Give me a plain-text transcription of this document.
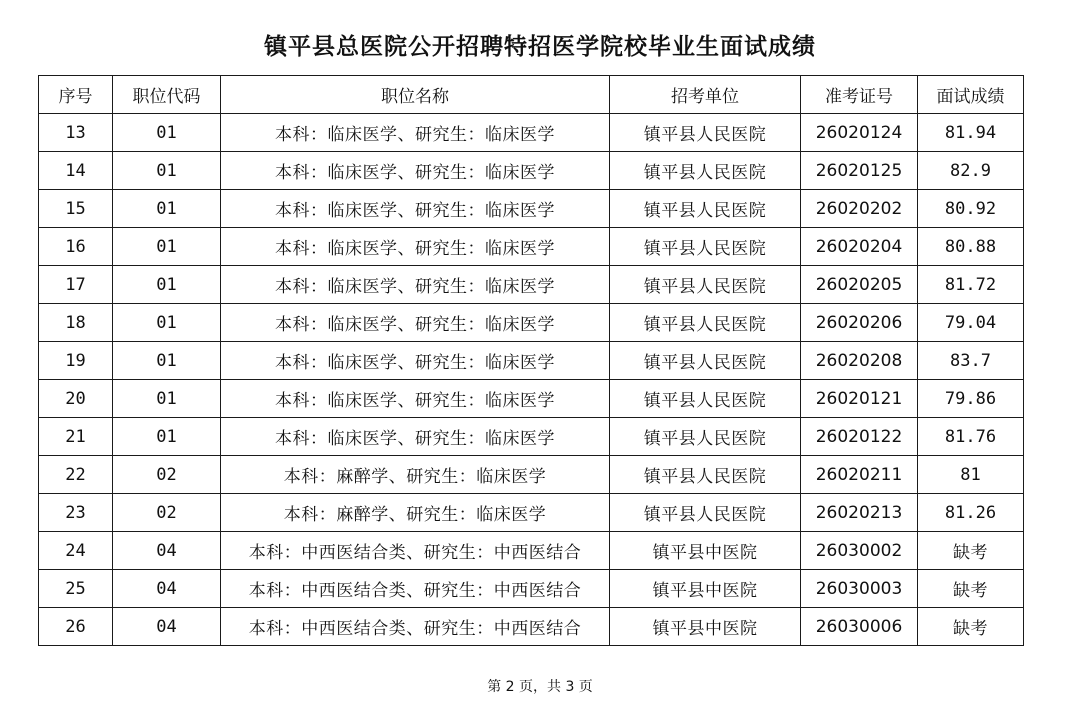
镇平县总医院公开招聘特招医学院校毕业生面试成绩
序号	职位代码	职位名称	招考单位	准考证号	面试成绩
13	01	本科：临床医学、研究生：临床医学	镇平县人民医院	26020124	81.94
14	01	本科：临床医学、研究生：临床医学	镇平县人民医院	26020125	82.9
15	01	本科：临床医学、研究生：临床医学	镇平县人民医院	26020202	80.92
16	01	本科：临床医学、研究生：临床医学	镇平县人民医院	26020204	80.88
17	01	本科：临床医学、研究生：临床医学	镇平县人民医院	26020205	81.72
18	01	本科：临床医学、研究生：临床医学	镇平县人民医院	26020206	79.04
19	01	本科：临床医学、研究生：临床医学	镇平县人民医院	26020208	83.7
20	01	本科：临床医学、研究生：临床医学	镇平县人民医院	26020121	79.86
21	01	本科：临床医学、研究生：临床医学	镇平县人民医院	26020122	81.76
22	02	本科：麻醉学、研究生：临床医学	镇平县人民医院	26020211	81
23	02	本科：麻醉学、研究生：临床医学	镇平县人民医院	26020213	81.26
24	04	本科：中西医结合类、研究生：中西医结合	镇平县中医院	26030002	缺考
25	04	本科：中西医结合类、研究生：中西医结合	镇平县中医院	26030003	缺考
26	04	本科：中西医结合类、研究生：中西医结合	镇平县中医院	26030006	缺考
第 2 页，共 3 页
